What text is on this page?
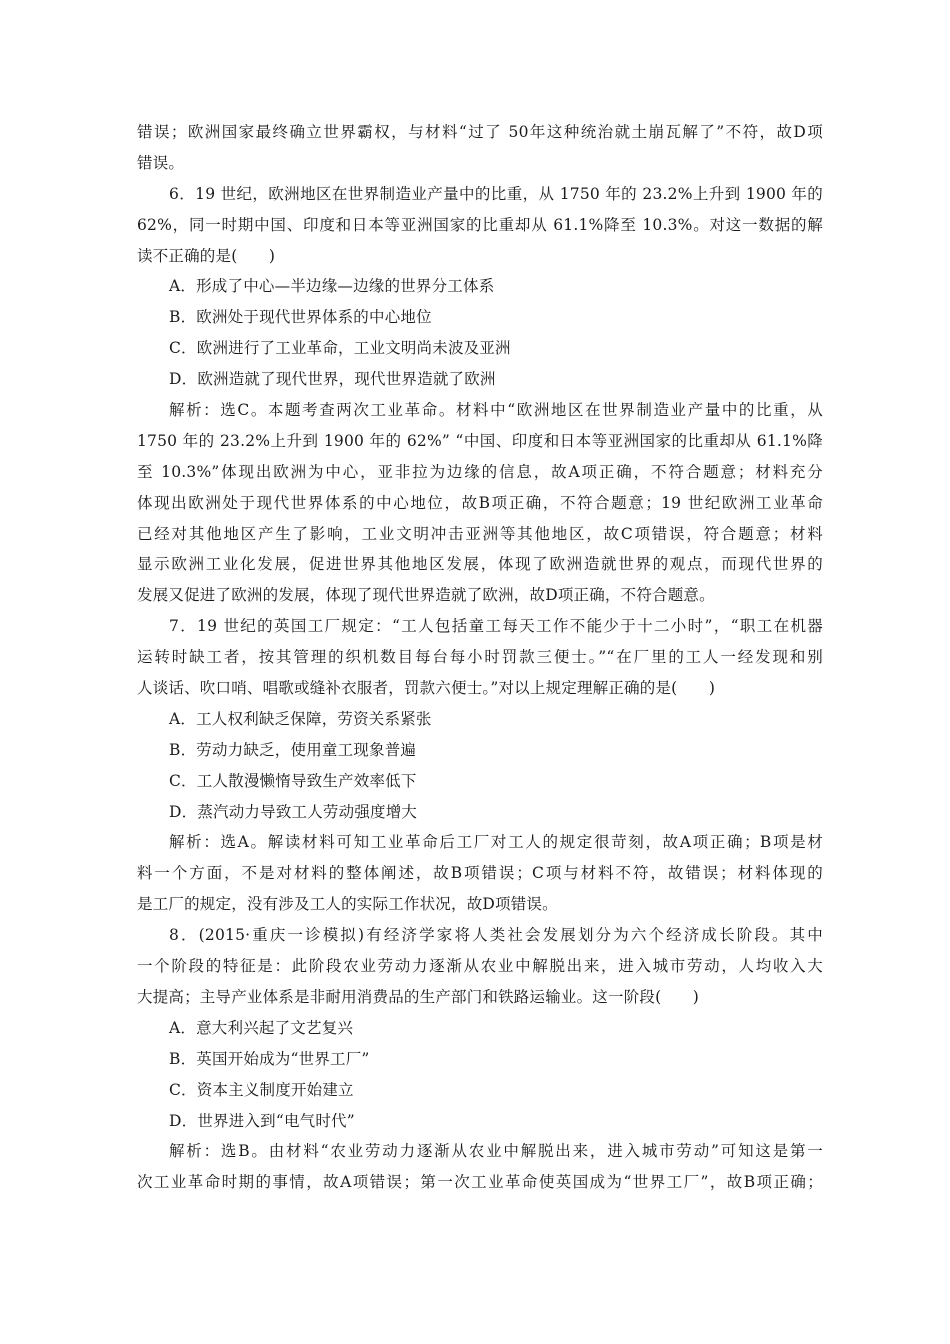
错误；欧洲国家最终确立世界霸权，与材料“过了 50年这种统治就土崩瓦解了”不符，故D项
错误。
6．19 世纪，欧洲地区在世界制造业产量中的比重，从 1750 年的 23.2%上升到 1900 年的
62%，同一时期中国、印度和日本等亚洲国家的比重却从 61.1%降至 10.3%。对这一数据的解
读不正确的是(　　)
A．形成了中心—半边缘—边缘的世界分工体系
B．欧洲处于现代世界体系的中心地位
C．欧洲进行了工业革命，工业文明尚未波及亚洲
D．欧洲造就了现代世界，现代世界造就了欧洲
解析：选C。本题考查两次工业革命。材料中“欧洲地区在世界制造业产量中的比重，从
1750 年的 23.2%上升到 1900 年的 62%” “中国、印度和日本等亚洲国家的比重却从 61.1%降
至 10.3%”体现出欧洲为中心，亚非拉为边缘的信息，故A项正确，不符合题意；材料充分
体现出欧洲处于现代世界体系的中心地位，故B项正确，不符合题意；19 世纪欧洲工业革命
已经对其他地区产生了影响，工业文明冲击亚洲等其他地区，故C项错误，符合题意；材料
显示欧洲工业化发展，促进世界其他地区发展，体现了欧洲造就世界的观点，而现代世界的
发展又促进了欧洲的发展，体现了现代世界造就了欧洲，故D项正确，不符合题意。
7．19 世纪的英国工厂规定：“工人包括童工每天工作不能少于十二小时”，“职工在机器
运转时缺工者，按其管理的织机数目每台每小时罚款三便士。”“在厂里的工人一经发现和别
人谈话、吹口哨、唱歌或缝补衣服者，罚款六便士。”对以上规定理解正确的是(　　)
A．工人权利缺乏保障，劳资关系紧张
B．劳动力缺乏，使用童工现象普遍
C．工人散漫懒惰导致生产效率低下
D．蒸汽动力导致工人劳动强度增大
解析：选A。解读材料可知工业革命后工厂对工人的规定很苛刻，故A项正确；B项是材
料一个方面，不是对材料的整体阐述，故B项错误；C项与材料不符，故错误；材料体现的
是工厂的规定，没有涉及工人的实际工作状况，故D项错误。
8．(2015·重庆一诊模拟)有经济学家将人类社会发展划分为六个经济成长阶段。其中
一个阶段的特征是：此阶段农业劳动力逐渐从农业中解脱出来，进入城市劳动，人均收入大
大提高；主导产业体系是非耐用消费品的生产部门和铁路运输业。这一阶段(　　)
A．意大利兴起了文艺复兴
B．英国开始成为“世界工厂”
C．资本主义制度开始建立
D．世界进入到“电气时代”
解析：选B。由材料“农业劳动力逐渐从农业中解脱出来，进入城市劳动”可知这是第一
次工业革命时期的事情，故A项错误；第一次工业革命使英国成为“世界工厂”，故B项正确；
